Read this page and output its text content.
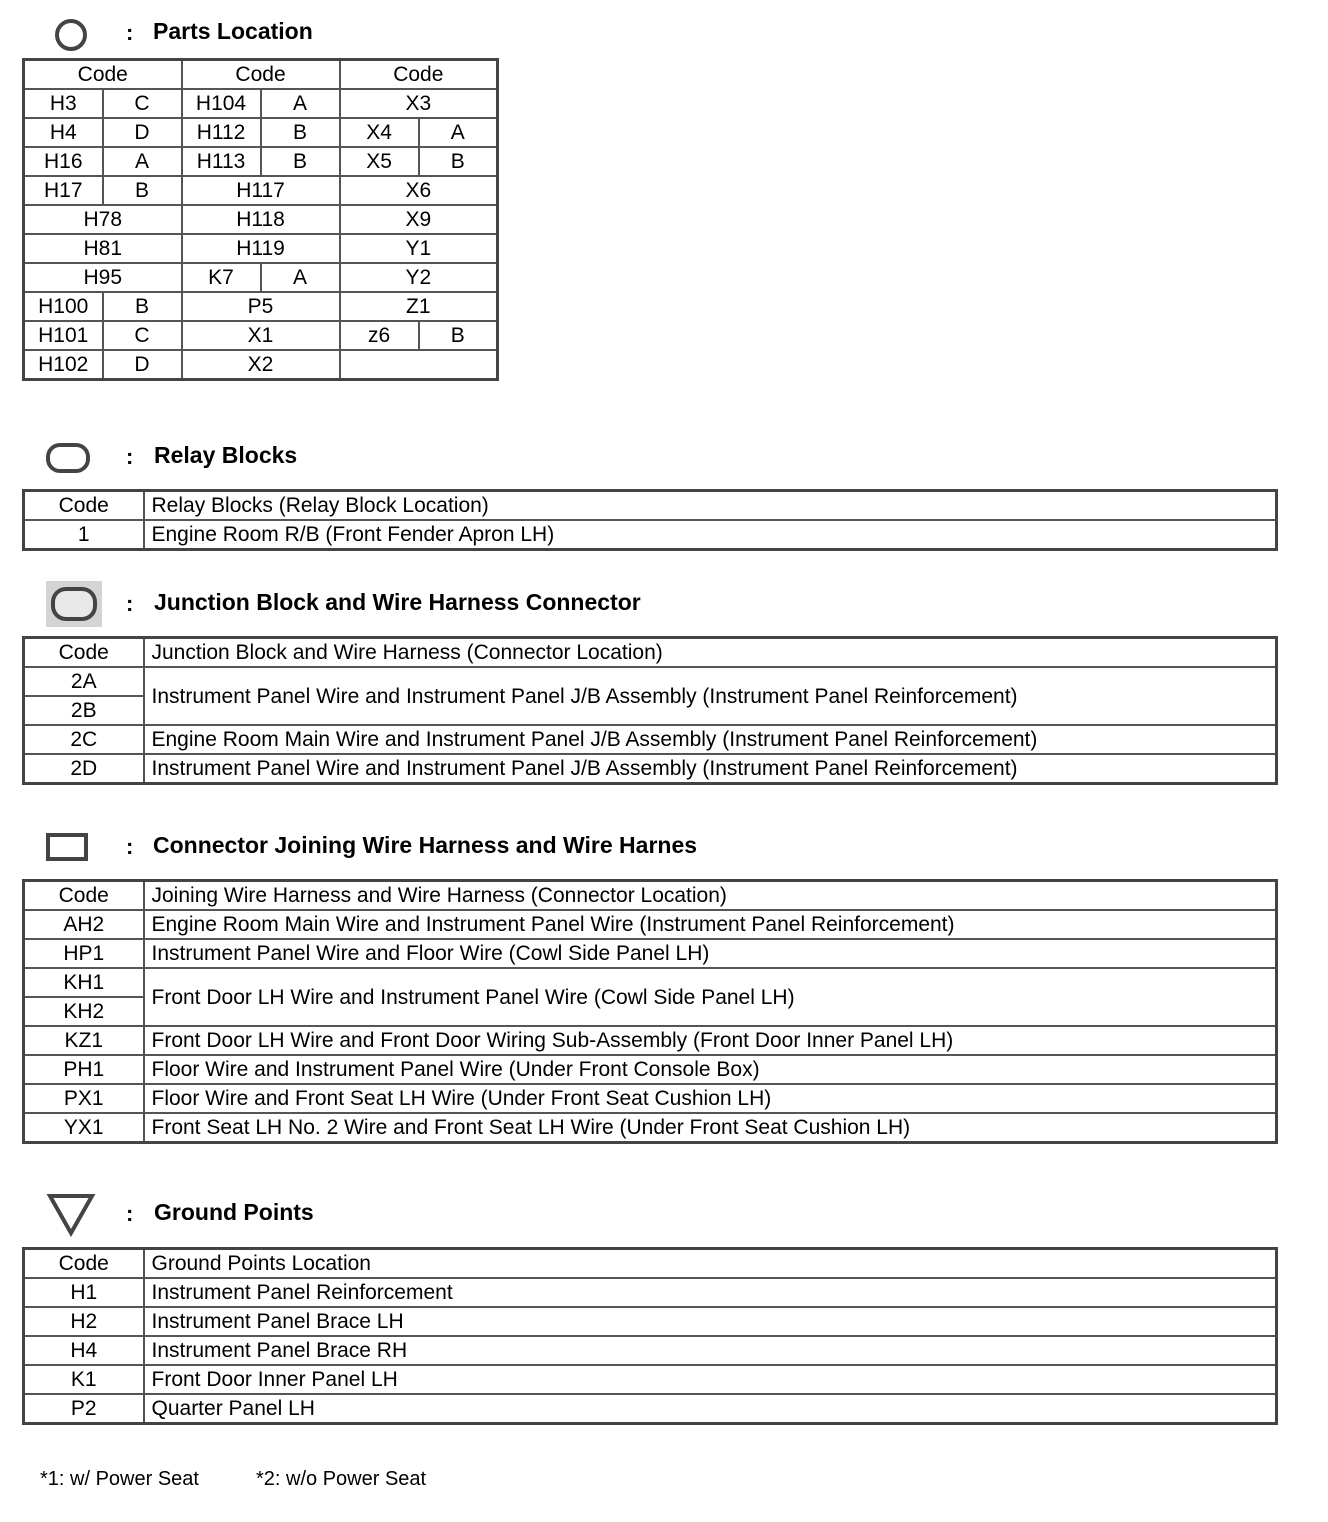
: Parts Location
Code		Code		Code	
H3	C	H104	A	X3	
H4	D	H112	B	X4	A
H16	A	H113	B	X5	B
H17	B	H117		X6	
H78		H118		X9	
H81		H119		Y1	
H95		K7	A	Y2	
H100	B	P5		Z1	
H101	C	X1		z6	B
H102	D	X2			
: Relay Blocks
Code	Relay Blocks (Relay Block Location)
1	Engine Room R/B (Front Fender Apron LH)
: Junction Block and Wire Harness Connector
Code	Junction Block and Wire Harness (Connector Location)
2A	Instrument Panel Wire and Instrument Panel J/B Assembly (Instrument Panel Reinforcement)
2B	
2C	Engine Room Main Wire and Instrument Panel J/B Assembly (Instrument Panel Reinforcement)
2D	Instrument Panel Wire and Instrument Panel J/B Assembly (Instrument Panel Reinforcement)
: Connector Joining Wire Harness and Wire Harnes
Code	Joining Wire Harness and Wire Harness (Connector Location)
AH2	Engine Room Main Wire and Instrument Panel Wire (Instrument Panel Reinforcement)
HP1	Instrument Panel Wire and Floor Wire (Cowl Side Panel LH)
KH1	Front Door LH Wire and Instrument Panel Wire (Cowl Side Panel LH)
KH2	
KZ1	Front Door LH Wire and Front Door Wiring Sub-Assembly (Front Door Inner Panel LH)
PH1	Floor Wire and Instrument Panel Wire (Under Front Console Box)
PX1	Floor Wire and Front Seat LH Wire (Under Front Seat Cushion LH)
YX1	Front Seat LH No. 2 Wire and Front Seat LH Wire (Under Front Seat Cushion LH)
: Ground Points
Code	Ground Points Location
H1	Instrument Panel Reinforcement
H2	Instrument Panel Brace LH
H4	Instrument Panel Brace RH
K1	Front Door Inner Panel LH
P2	Quarter Panel LH
*1: w/ Power Seat	*2: w/o Power Seat
